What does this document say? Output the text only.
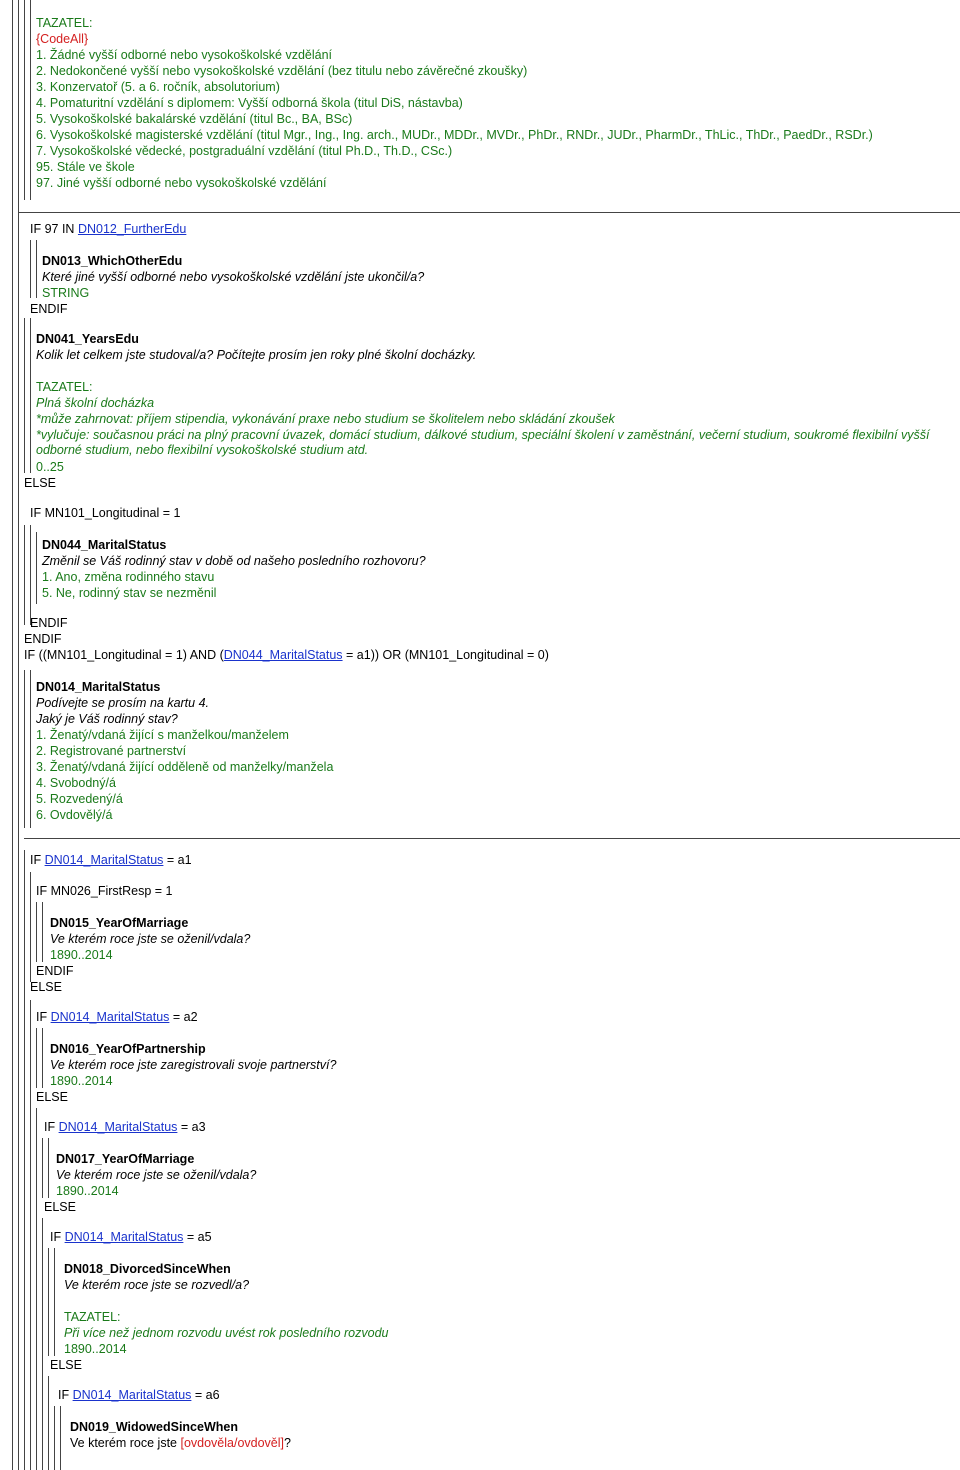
TAZATEL:
{CodeAll}
1. Žádné vyšší odborné nebo vysokoškolské vzdělání
2. Nedokončené vyšší nebo vysokoškolské vzdělání (bez titulu nebo závěrečné zkoušky)
3. Konzervatoř (5. a 6. ročník, absolutorium)
4. Pomaturitní vzdělání s diplomem: Vyšší odborná škola (titul DiS, nástavba)
5. Vysokoškolské bakalárské vzdělání (titul Bc., BA, BSc)
6. Vysokoškolské magisterské vzdělání (titul Mgr., Ing., Ing. arch., MUDr., MDDr., MVDr., PhDr., RNDr., JUDr., PharmDr., ThLic., ThDr., PaedDr., RSDr.)
7. Vysokoškolské vědecké, postgraduální vzdělání (titul Ph.D., Th.D., CSc.)
95. Stále ve škole
97. Jiné vyšší odborné nebo vysokoškolské vzdělání
IF 97 IN DN012_FurtherEdu
DN013_WhichOtherEdu
Které jiné vyšší odborné nebo vysokoškolské vzdělání jste ukončil/a?
STRING
ENDIF
DN041_YearsEdu
Kolik let celkem jste studoval/a? Počítejte prosím jen roky plné školní docházky.
TAZATEL:
Plná školní docházka
*může zahrnovat: příjem stipendia, vykonávání praxe nebo studium se školitelem nebo skládání zkoušek
*vylučuje: současnou práci na plný pracovní úvazek, domácí studium, dálkové studium, speciální školení v zaměstnání, večerní studium, soukromé flexibilní vyšší odborné studium, nebo flexibilní vysokoškolské studium atd.
0..25
ELSE
IF MN101_Longitudinal = 1
DN044_MaritalStatus
Změnil se Váš rodinný stav v době od našeho posledního rozhovoru?
1. Ano, změna rodinného stavu
5. Ne, rodinný stav se nezměnil
ENDIF
ENDIF
IF ((MN101_Longitudinal = 1) AND (DN044_MaritalStatus = a1)) OR (MN101_Longitudinal = 0)
DN014_MaritalStatus
Podívejte se prosím na kartu 4.
Jaký je Váš rodinný stav?
1. Ženatý/vdaná žijící s manželkou/manželem
2. Registrované partnerství
3. Ženatý/vdaná žijící odděleně od manželky/manžela
4. Svobodný/á
5. Rozvedený/á
6. Ovdovělý/á
IF DN014_MaritalStatus = a1
IF MN026_FirstResp = 1
DN015_YearOfMarriage
Ve kterém roce jste se oženil/vdala?
1890..2014
ENDIF
ELSE
IF DN014_MaritalStatus = a2
DN016_YearOfPartnership
Ve kterém roce jste zaregistrovali svoje partnerství?
1890..2014
ELSE
IF DN014_MaritalStatus = a3
DN017_YearOfMarriage
Ve kterém roce jste se oženil/vdala?
1890..2014
ELSE
IF DN014_MaritalStatus = a5
DN018_DivorcedSinceWhen
Ve kterém roce jste se rozvedl/a?
TAZATEL:
Při více než jednom rozvodu uvést rok posledního rozvodu
1890..2014
ELSE
IF DN014_MaritalStatus = a6
DN019_WidowedSinceWhen
Ve kterém roce jste [ovdověla/ovdověl]?
